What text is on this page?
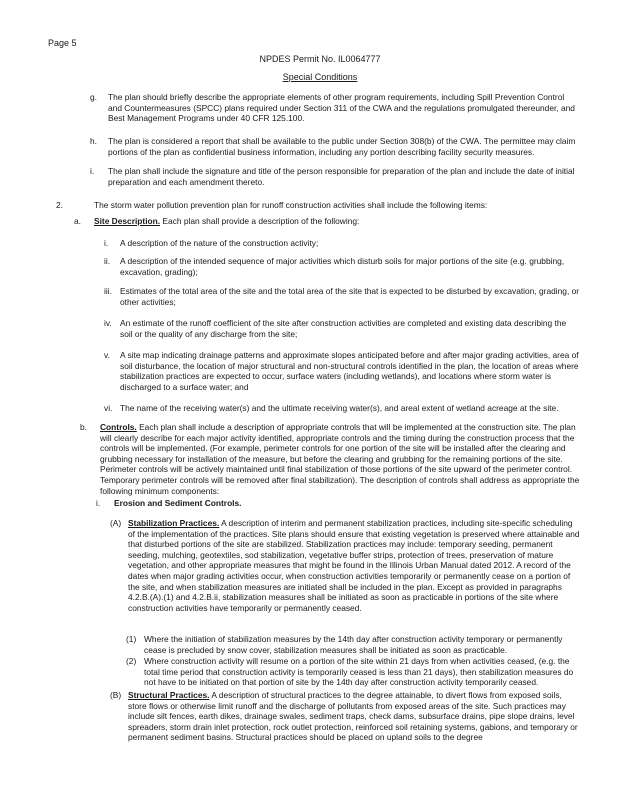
Page 5
NPDES Permit No. IL0064777
Special Conditions
g. The plan should briefly describe the appropriate elements of other program requirements, including Spill Prevention Control and Countermeasures (SPCC) plans required under Section 311 of the CWA and the regulations promulgated thereunder, and Best Management Programs under 40 CFR 125.100.
h. The plan is considered a report that shall be available to the public under Section 308(b) of the CWA. The permittee may claim portions of the plan as confidential business information, including any portion describing facility security measures.
i. The plan shall include the signature and title of the person responsible for preparation of the plan and include the date of initial preparation and each amendment thereto.
2.	The storm water pollution prevention plan for runoff construction activities shall include the following items:
a. Site Description. Each plan shall provide a description of the following:
i. A description of the nature of the construction activity;
ii. A description of the intended sequence of major activities which disturb soils for major portions of the site (e.g. grubbing, excavation, grading);
iii. Estimates of the total area of the site and the total area of the site that is expected to be disturbed by excavation, grading, or other activities;
iv. An estimate of the runoff coefficient of the site after construction activities are completed and existing data describing the soil or the quality of any discharge from the site;
v. A site map indicating drainage patterns and approximate slopes anticipated before and after major grading activities, area of soil disturbance, the location of major structural and non-structural controls identified in the plan, the location of areas where stabilization practices are expected to occur, surface waters (including wetlands), and locations where storm water is discharged to a surface water; and
vi. The name of the receiving water(s) and the ultimate receiving water(s), and areal extent of wetland acreage at the site.
b. Controls. Each plan shall include a description of appropriate controls that will be implemented at the construction site. The plan will clearly describe for each major activity identified, appropriate controls and the timing during the construction process that the controls will be implemented. (For example, perimeter controls for one portion of the site will be installed after the clearing and grubbing necessary for installation of the measure, but before the clearing and grubbing for the remaining portions of the site. Perimeter controls will be actively maintained until final stabilization of those portions of the site upward of the perimeter control. Temporary perimeter controls will be removed after final stabilization). The description of controls shall address as appropriate the following minimum components:
i. Erosion and Sediment Controls.
(A) Stabilization Practices. A description of interim and permanent stabilization practices, including site-specific scheduling of the implementation of the practices. Site plans should ensure that existing vegetation is preserved where attainable and that disturbed portions of the site are stabilized. Stabilization practices may include: temporary seeding, permanent seeding, mulching, geotextiles, sod stabilization, vegetative buffer strips, protection of trees, preservation of mature vegetation, and other appropriate measures that might be found in the Illinois Urban Manual dated 2012. A record of the dates when major grading activities occur, when construction activities temporarily or permanently cease on a portion of the site, and when stabilization measures are initiated shall be included in the plan. Except as provided in paragraphs 4.2.B.(A).(1) and 4.2.B.ii, stabilization measures shall be initiated as soon as practicable in portions of the site where construction activities have temporarily or permanently ceased.
(1) Where the initiation of stabilization measures by the 14th day after construction activity temporary or permanently cease is precluded by snow cover, stabilization measures shall be initiated as soon as practicable.
(2) Where construction activity will resume on a portion of the site within 21 days from when activities ceased, (e.g. the total time period that construction activity is temporarily ceased is less than 21 days), then stabilization measures do not have to be initiated on that portion of site by the 14th day after construction activity temporarily ceased.
(B) Structural Practices. A description of structural practices to the degree attainable, to divert flows from exposed soils, store flows or otherwise limit runoff and the discharge of pollutants from exposed areas of the site. Such practices may include silt fences, earth dikes, drainage swales, sediment traps, check dams, subsurface drains, pipe slope drains, level spreaders, storm drain inlet protection, rock outlet protection, reinforced soil retaining systems, gabions, and temporary or permanent sediment basins. Structural practices should be placed on upland soils to the degree
